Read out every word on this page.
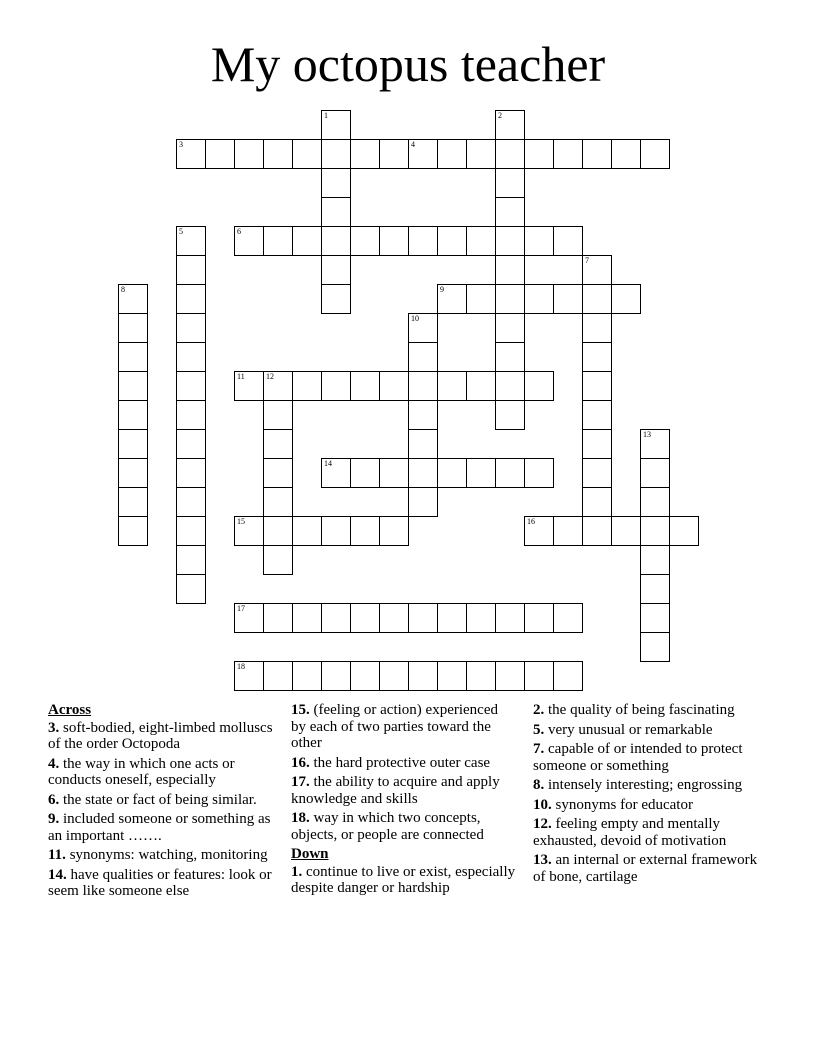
My octopus teacher
1	2
3	4
5	6
7
8	9
10
11	12
13
14
15	16
17
18
Across
3. soft-bodied, eight-limbed molluscs of the order Octopoda
4. the way in which one acts or conducts oneself, especially
6. the state or fact of being similar.
9. included someone or something as an important …….
11. synonyms: watching, monitoring
14. have qualities or features: look or seem like someone else
15. (feeling or action) experienced by each of two parties toward the other
16. the hard protective outer case
17. the ability to acquire and apply knowledge and skills
18. way in which two concepts, objects, or people are connected
Down
1. continue to live or exist, especially despite danger or hardship
2. the quality of being fascinating
5. very unusual or remarkable
7. capable of or intended to protect someone or something
8. intensely interesting; engrossing
10. synonyms for educator
12. feeling empty and mentally exhausted, devoid of motivation
13. an internal or external framework of bone, cartilage
